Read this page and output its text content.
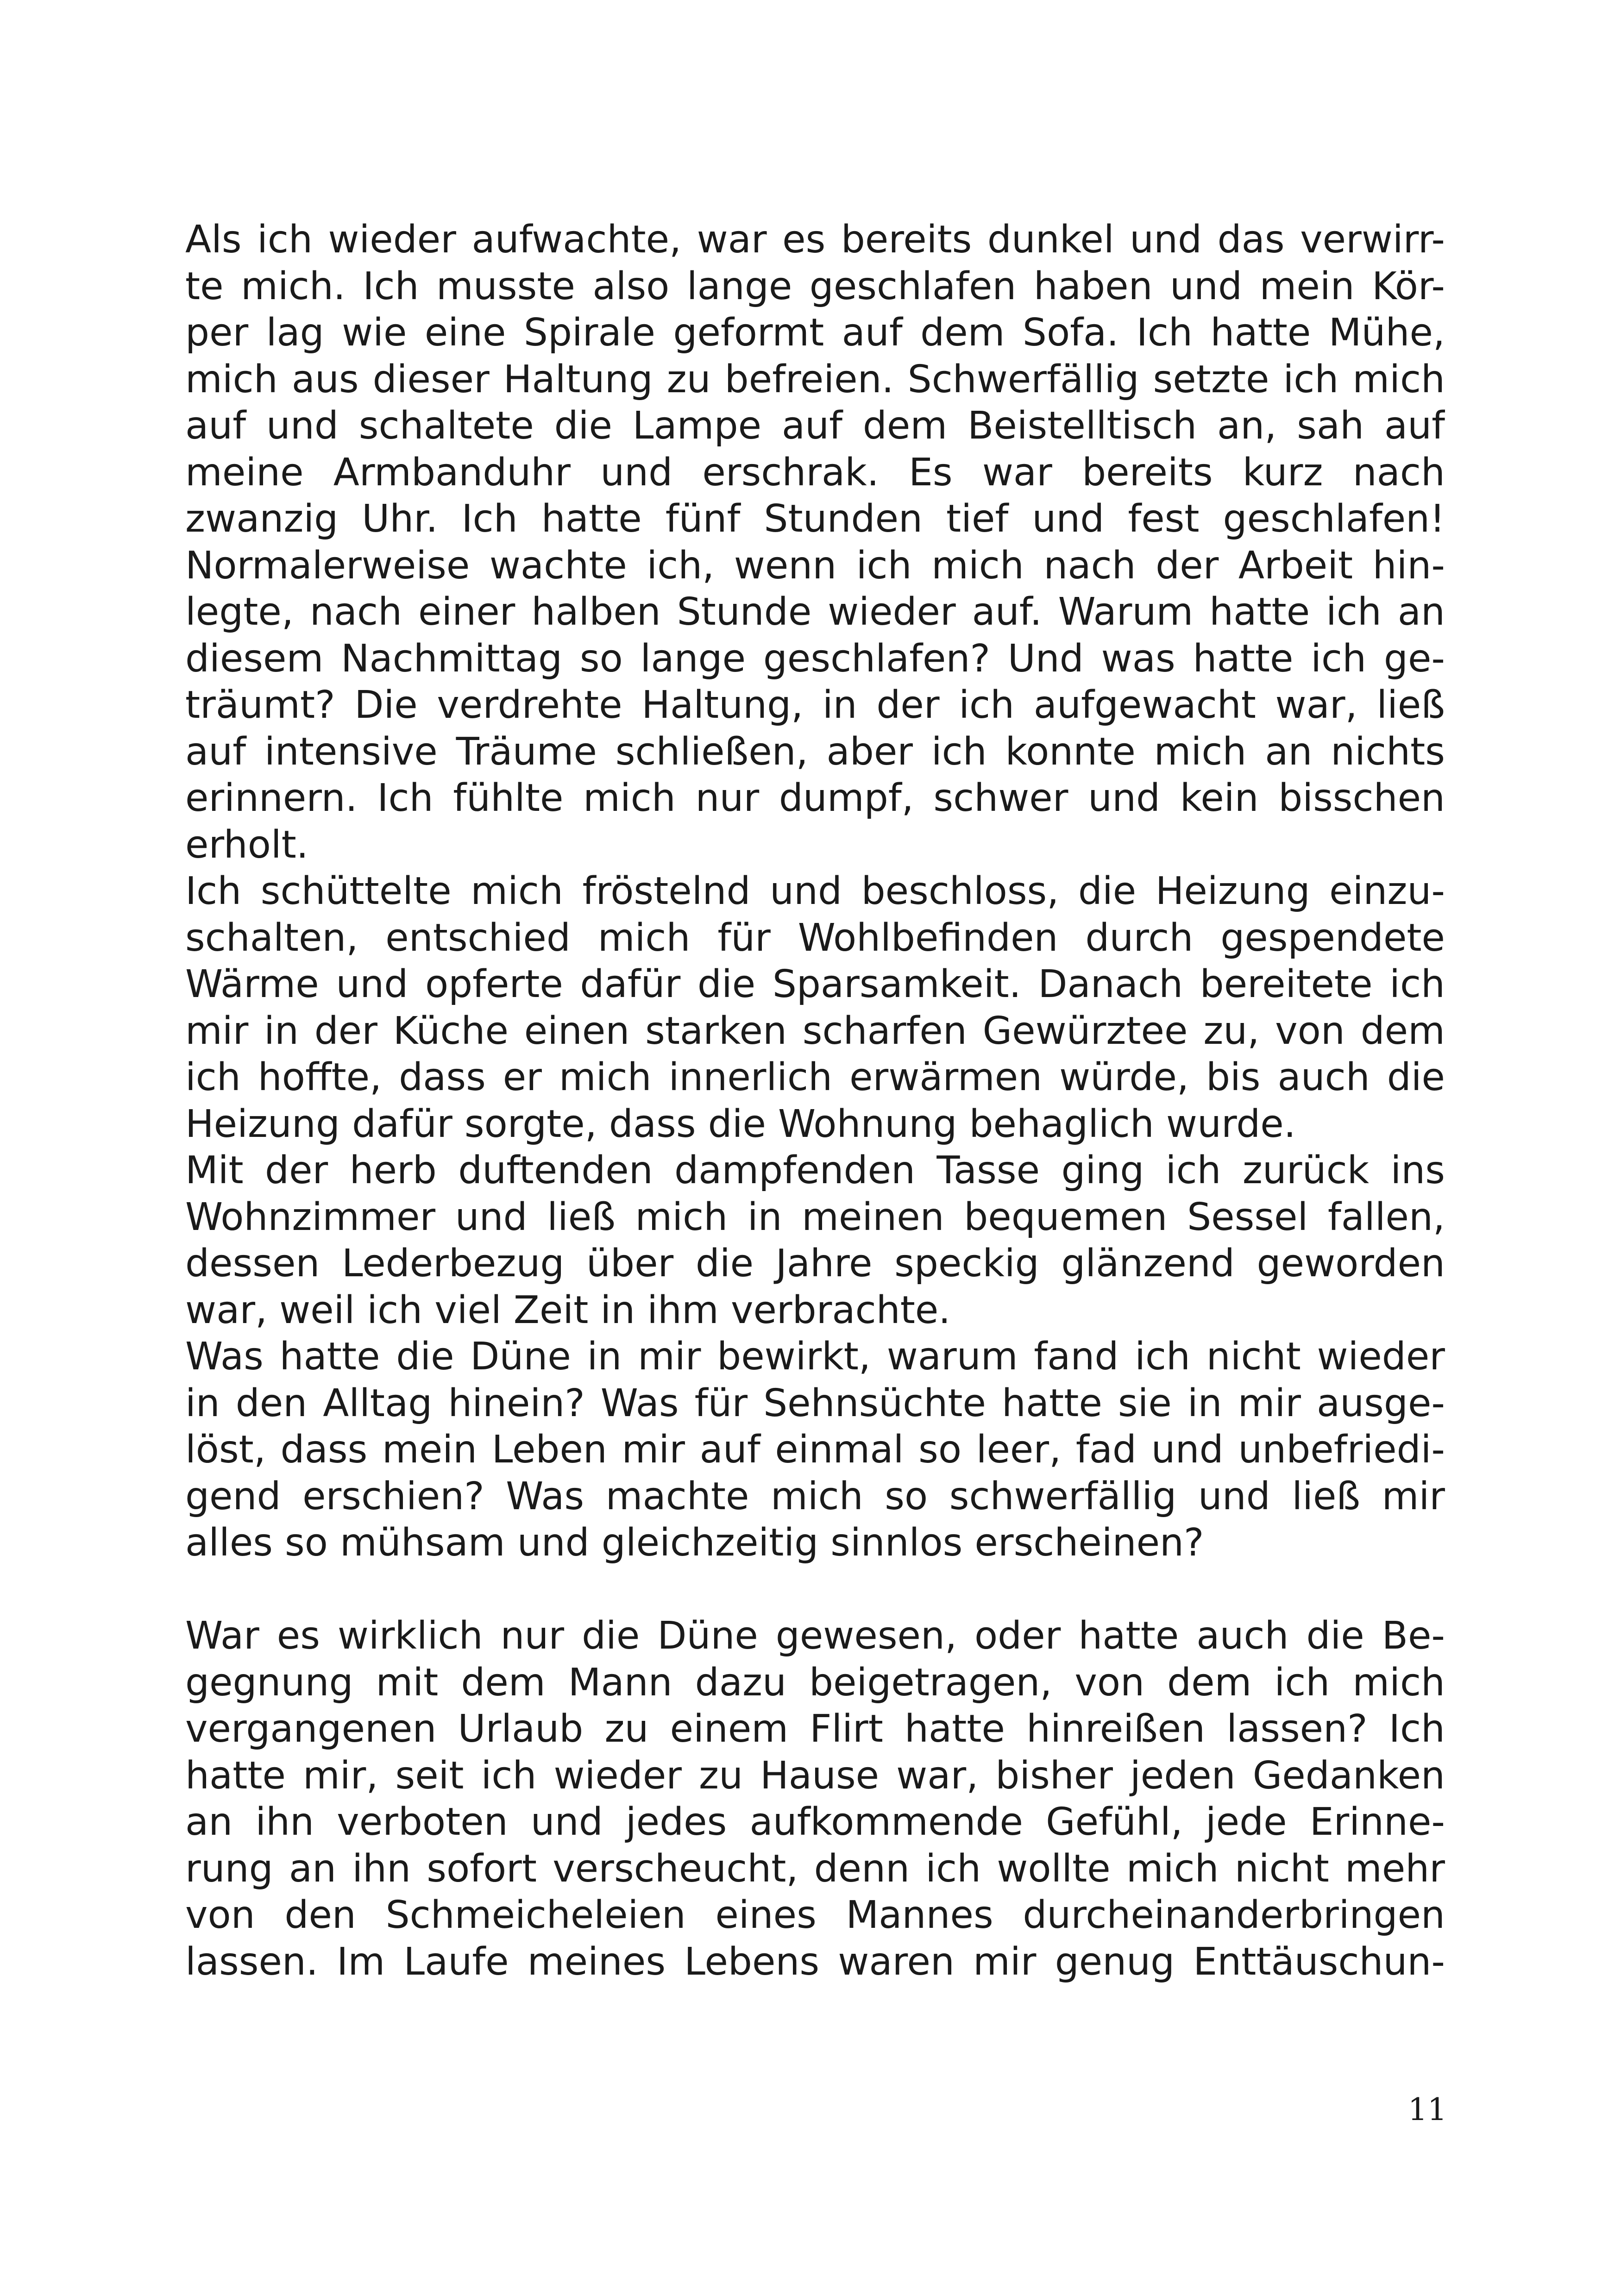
Als ich wieder aufwachte, war es bereits dunkel und das verwirr-
te mich. Ich musste also lange geschlafen haben und mein Kör-
per lag wie eine Spirale geformt auf dem Sofa. Ich hatte Mühe,
mich aus dieser Haltung zu befreien. Schwerfällig setzte ich mich
auf und schaltete die Lampe auf dem Beistelltisch an, sah auf
meine Armbanduhr und erschrak. Es war bereits kurz nach
zwanzig Uhr. Ich hatte fünf Stunden tief und fest geschlafen!
Normalerweise wachte ich, wenn ich mich nach der Arbeit hin-
legte, nach einer halben Stunde wieder auf. Warum hatte ich an
diesem Nachmittag so lange geschlafen? Und was hatte ich ge-
träumt? Die verdrehte Haltung, in der ich aufgewacht war, ließ
auf intensive Träume schließen, aber ich konnte mich an nichts
erinnern. Ich fühlte mich nur dumpf, schwer und kein bisschen
erholt.
Ich schüttelte mich fröstelnd und beschloss, die Heizung einzu-
schalten, entschied mich für Wohlbefinden durch gespendete
Wärme und opferte dafür die Sparsamkeit. Danach bereitete ich
mir in der Küche einen starken scharfen Gewürztee zu, von dem
ich hoffte, dass er mich innerlich erwärmen würde, bis auch die
Heizung dafür sorgte, dass die Wohnung behaglich wurde.
Mit der herb duftenden dampfenden Tasse ging ich zurück ins
Wohnzimmer und ließ mich in meinen bequemen Sessel fallen,
dessen Lederbezug über die Jahre speckig glänzend geworden
war, weil ich viel Zeit in ihm verbrachte.
Was hatte die Düne in mir bewirkt, warum fand ich nicht wieder
in den Alltag hinein? Was für Sehnsüchte hatte sie in mir ausge-
löst, dass mein Leben mir auf einmal so leer, fad und unbefriedi-
gend erschien? Was machte mich so schwerfällig und ließ mir
alles so mühsam und gleichzeitig sinnlos erscheinen?
War es wirklich nur die Düne gewesen, oder hatte auch die Be-
gegnung mit dem Mann dazu beigetragen, von dem ich mich
vergangenen Urlaub zu einem Flirt hatte hinreißen lassen? Ich
hatte mir, seit ich wieder zu Hause war, bisher jeden Gedanken
an ihn verboten und jedes aufkommende Gefühl, jede Erinne-
rung an ihn sofort verscheucht, denn ich wollte mich nicht mehr
von den Schmeicheleien eines Mannes durcheinanderbringen
lassen. Im Laufe meines Lebens waren mir genug Enttäuschun-
11
